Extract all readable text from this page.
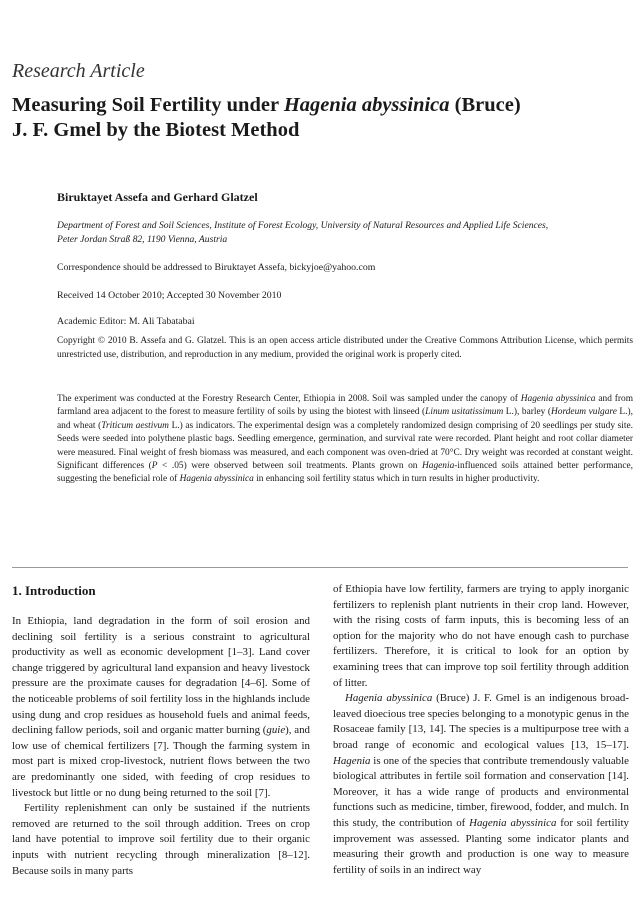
Research Article
Measuring Soil Fertility under Hagenia abyssinica (Bruce)
J. F. Gmel by the Biotest Method
Biruktayet Assefa and Gerhard Glatzel
Department of Forest and Soil Sciences, Institute of Forest Ecology, University of Natural Resources and Applied Life Sciences,
Peter Jordan Straß 82, 1190 Vienna, Austria
Correspondence should be addressed to Biruktayet Assefa, bickyjoe@yahoo.com
Received 14 October 2010; Accepted 30 November 2010
Academic Editor: M. Ali Tabatabai
Copyright © 2010 B. Assefa and G. Glatzel. This is an open access article distributed under the Creative Commons Attribution License, which permits unrestricted use, distribution, and reproduction in any medium, provided the original work is properly cited.
The experiment was conducted at the Forestry Research Center, Ethiopia in 2008. Soil was sampled under the canopy of Hagenia abyssinica and from farmland area adjacent to the forest to measure fertility of soils by using the biotest with linseed (Linum usitatissimum L.), barley (Hordeum vulgare L.), and wheat (Triticum aestivum L.) as indicators. The experimental design was a completely randomized design comprising of 20 seedlings per study site. Seeds were seeded into polythene plastic bags. Seedling emergence, germination, and survival rate were recorded. Plant height and root collar diameter were measured. Final weight of fresh biomass was measured, and each component was oven-dried at 70°C. Dry weight was recorded at constant weight. Significant differences (P < .05) were observed between soil treatments. Plants grown on Hagenia-influenced soils attained better performance, suggesting the beneficial role of Hagenia abyssinica in enhancing soil fertility status which in turn results in higher productivity.
1. Introduction

In Ethiopia, land degradation in the form of soil erosion and declining soil fertility is a serious constraint to agricultural productivity as well as economic development [1–3]. Land cover change triggered by agricultural land expansion and heavy livestock pressure are the proximate causes for degradation [4–6]. Some of the noticeable problems of soil fertility loss in the highlands include using dung and crop residues as household fuels and animal feeds, declining fallow periods, soil and organic matter burning (guie), and low use of chemical fertilizers [7]. Though the farming system in most part is mixed crop-livestock, nutrient flows between the two are predominantly one sided, with feeding of crop residues to livestock but little or no dung being returned to the soil [7].

Fertility replenishment can only be sustained if the nutrients removed are returned to the soil through addition. Trees on crop land have potential to improve soil fertility due to their organic inputs with nutrient recycling through mineralization [8–12]. Because soils in many parts

of Ethiopia have low fertility, farmers are trying to apply inorganic fertilizers to replenish plant nutrients in their crop land. However, with the rising costs of farm inputs, this is becoming less of an option for the majority who do not have enough cash to purchase fertilizers. Therefore, it is critical to look for an option by examining trees that can improve top soil fertility through addition of litter.

Hagenia abyssinica (Bruce) J. F. Gmel is an indigenous broad-leaved dioecious tree species belonging to a monotypic genus in the Rosaceae family [13, 14]. The species is a multipurpose tree with a broad range of economic and ecological values [13, 15–17]. Hagenia is one of the species that contribute tremendously valuable biological attributes in fertile soil formation and conservation [14]. Moreover, it has a wide range of products and environmental functions such as medicine, timber, firewood, fodder, and mulch. In this study, the contribution of Hagenia abyssinica for soil fertility improvement was assessed. Planting some indicator plants and measuring their growth and production is one way to measure fertility of soils in an indirect way
